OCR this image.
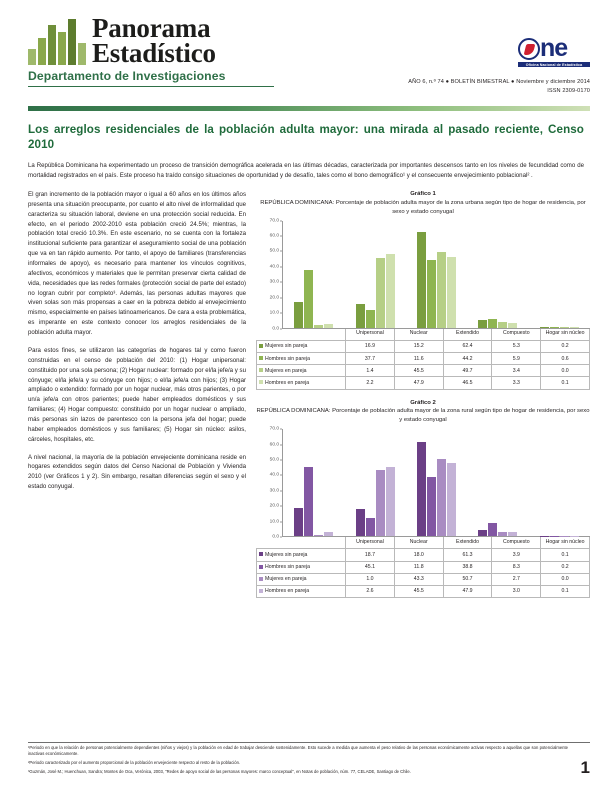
Panorama
Estadístico
Departamento de Investigaciones
ne
Oficina Nacional de Estadística
AÑO 6, n.º 74 ● BOLETÍN BIMESTRAL ● Noviembre y diciembre 2014
ISSN 2309-0170
Los arreglos residenciales de la población adulta mayor: una mirada al pasado reciente, Censo 2010

La República Dominicana ha experimentado un proceso de transición demográfica acelerada en las últimas décadas, caracterizada por importantes descensos tanto en los niveles de fecundidad como de mortalidad registrados en el país. Este proceso ha traído consigo situaciones de oportunidad y de desafío, tales como el bono demográfico¹ y el consecuente envejecimiento poblacional² .

El gran incremento de la población mayor o igual a 60 años en los últimos años presenta una situación preocupante, por cuanto el alto nivel de informalidad que caracteriza su situación laboral, deviene en una protección social reducida. En efecto, en el periodo 2002-2010 esta población creció 24.5%; mientras, la población total creció 10.3%. En este escenario, no se cuenta con la fortaleza institucional suficiente para garantizar el aseguramiento social de una población que va en tan rápido aumento. Por tanto, el apoyo de familiares (transferencias informales de apoyo), es necesario para mantener los vínculos cognitivos, afectivos, económicos y materiales que le permitan preservar cierta calidad de vida, necesidades que las redes formales (protección social de parte del estado) no logran cubrir por completo³. Además, las personas adultas mayores que viven solas son más propensas a caer en la pobreza debido al envejecimiento mismo, especialmente en países latinoamericanos. De cara a esta problemática, es imperante en este contexto conocer los arreglos residenciales de la población adulta mayor.

Para estos fines, se utilizaron las categorías de hogares tal y como fueron construidas en el censo de población del 2010: (1) Hogar unipersonal: constituido por una sola persona; (2) Hogar nuclear: formado por el/la jefe/a y su cónyuge; el/la jefe/a y su cónyuge con hijos; o el/la jefe/a con hijos; (3) Hogar ampliado o extendido: formado por un hogar nuclear, más otros parientes, o por un/a jefe/a con otros parientes; puede haber empleados domésticos y sus familiares; (4) Hogar compuesto: constituido por un hogar nuclear o ampliado, más personas sin lazos de parentesco con la persona jefa del hogar; puede haber empleados domésticos y sus familiares; (5) Hogar sin núcleo: asilos, cárceles, hospitales, etc.

A nivel nacional, la mayoría de la población envejeciente dominicana reside en hogares extendidos según datos del Censo Nacional de Población y Vivienda 2010 (ver Gráficos 1 y 2). Sin embargo, resaltan diferencias según el sexo y el estado conyugal.

Gráfico 1
REPÚBLICA DOMINICANA: Porcentaje de población adulta mayor de la zona urbana según tipo de hogar de residencia, por sexo y estado conyugal
0.0
10.0
20.0
30.0
40.0
50.0
60.0
70.0
	Unipersonal	Nuclear	Extendido	Compuesto	Hogar sin núcleo
Mujeres sin pareja	16.9	15.2	62.4	5.3	0.2
Hombres sin pareja	37.7	11.6	44.2	5.9	0.6
Mujeres en pareja	1.4	45.5	49.7	3.4	0.0
Hombres en pareja	2.2	47.9	46.5	3.3	0.1
Gráfico 2
REPÚBLICA DOMINICANA: Porcentaje de población adulta mayor de la zona rural según tipo de hogar de residencia, por sexo y estado conyugal
0.0
10.0
20.0
30.0
40.0
50.0
60.0
70.0
	Unipersonal	Nuclear	Extendido	Compuesto	Hogar sin núcleo
Mujeres sin pareja	18.7	18.0	61.3	3.9	0.1
Hombres sin pareja	45.1	11.8	38.8	8.3	0.2
Mujeres en pareja	1.0	43.3	50.7	2.7	0.0
Hombres en pareja	2.6	45.5	47.9	3.0	0.1

¹Periodo en que la relación de personas potencialmente dependientes (niños y viejos) y la población en edad de trabajar desciende sostenidamente. Esto sucede a medida que aumenta el peso relativo de las personas económicamente activas respecto a aquellas que son potencialmente inactivas económicamente.

²Periodo caracterizado por el aumento proporcional de la población envejeciente respecto al resto de la población.

³Guzmán, José M.; Huenchuan, Sandra; Montes de Oca, Verónica, 2003, "Redes de apoyo social de las personas mayores: marco conceptual", en Notas de población, núm. 77, CELADE, Santiago de Chile.	1
